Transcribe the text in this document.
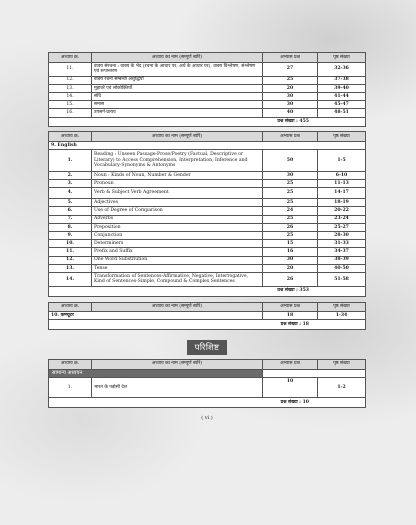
अध्याय क्र.	अध्याय का नाम (सम्पूर्ण ब्योरे)	अभ्यास प्रश्न	पृष्ठ संख्या
11.	वाक्य संरचना : वाक्य के भेद (रचना के आधार पर, अर्थ के आधार पर), वाक्य विश्लेषण, संश्लेषण एवं रूपान्तरण	27	32-36
12.	वाक्य रचना सम्बन्धी अशुद्धियाँ	25	37-38
13.	मुहावरे एवं लोकोक्तियाँ	20	39-40
14.	संधि	30	41-44
15.	समास	30	45-47
16.	उपसर्ग-प्रत्यय	40	48-51
प्रश्न संख्या : 455			
अध्याय क्र.	अध्याय का नाम (सम्पूर्ण ब्योरे)	अभ्यास प्रश्न	पृष्ठ संख्या
9. English			
1.	Reading : Unseen Passage-Prose/Poetry (Factual, Descriptive or Literary) to Access Comprehension, Interpretation, Inference and Vocabulary-Synonyms & Antonyms	50	1-5
2.	Noun : Kinds of Noun, Number & Gender	30	6-10
3.	Pronoun	25	11-13
4.	Verb & Subject Verb Agreement	25	14-17
5.	Adjectives	25	18-19
6.	Use of Degree of Comparison	24	20-22
7.	Adverbs	25	23-24
8.	Preposition	26	25-27
9.	Conjunction	25	28-30
10.	Determiners	15	31-33
11.	Prefix and Suffix	16	34-37
12.	One Word Substitution	30	38-39
13.	Tense	20	40-50
14.	Transformation of Sentences-Affirmative, Negative, Interrogative, Kind of Sentences-Simple, Compound & Complex Sentences	26	51-58
प्रश्न संख्या : 353			
अध्याय क्र.	अध्याय का नाम (सम्पूर्ण ब्योरे)	अभ्यास प्रश्न	पृष्ठ संख्या
10. कम्प्यूटर		18	1-34
प्रश्न संख्या : 18			
परिशिष्ट
अध्याय क्र.	अध्याय का नाम (सम्पूर्ण ब्योरे)	अभ्यास प्रश्न	पृष्ठ संख्या
सामान्य अध्ययन			
1.	भारत के पड़ोसी देश	10	1-2
प्रश्न संख्या : 10			
( vi )
